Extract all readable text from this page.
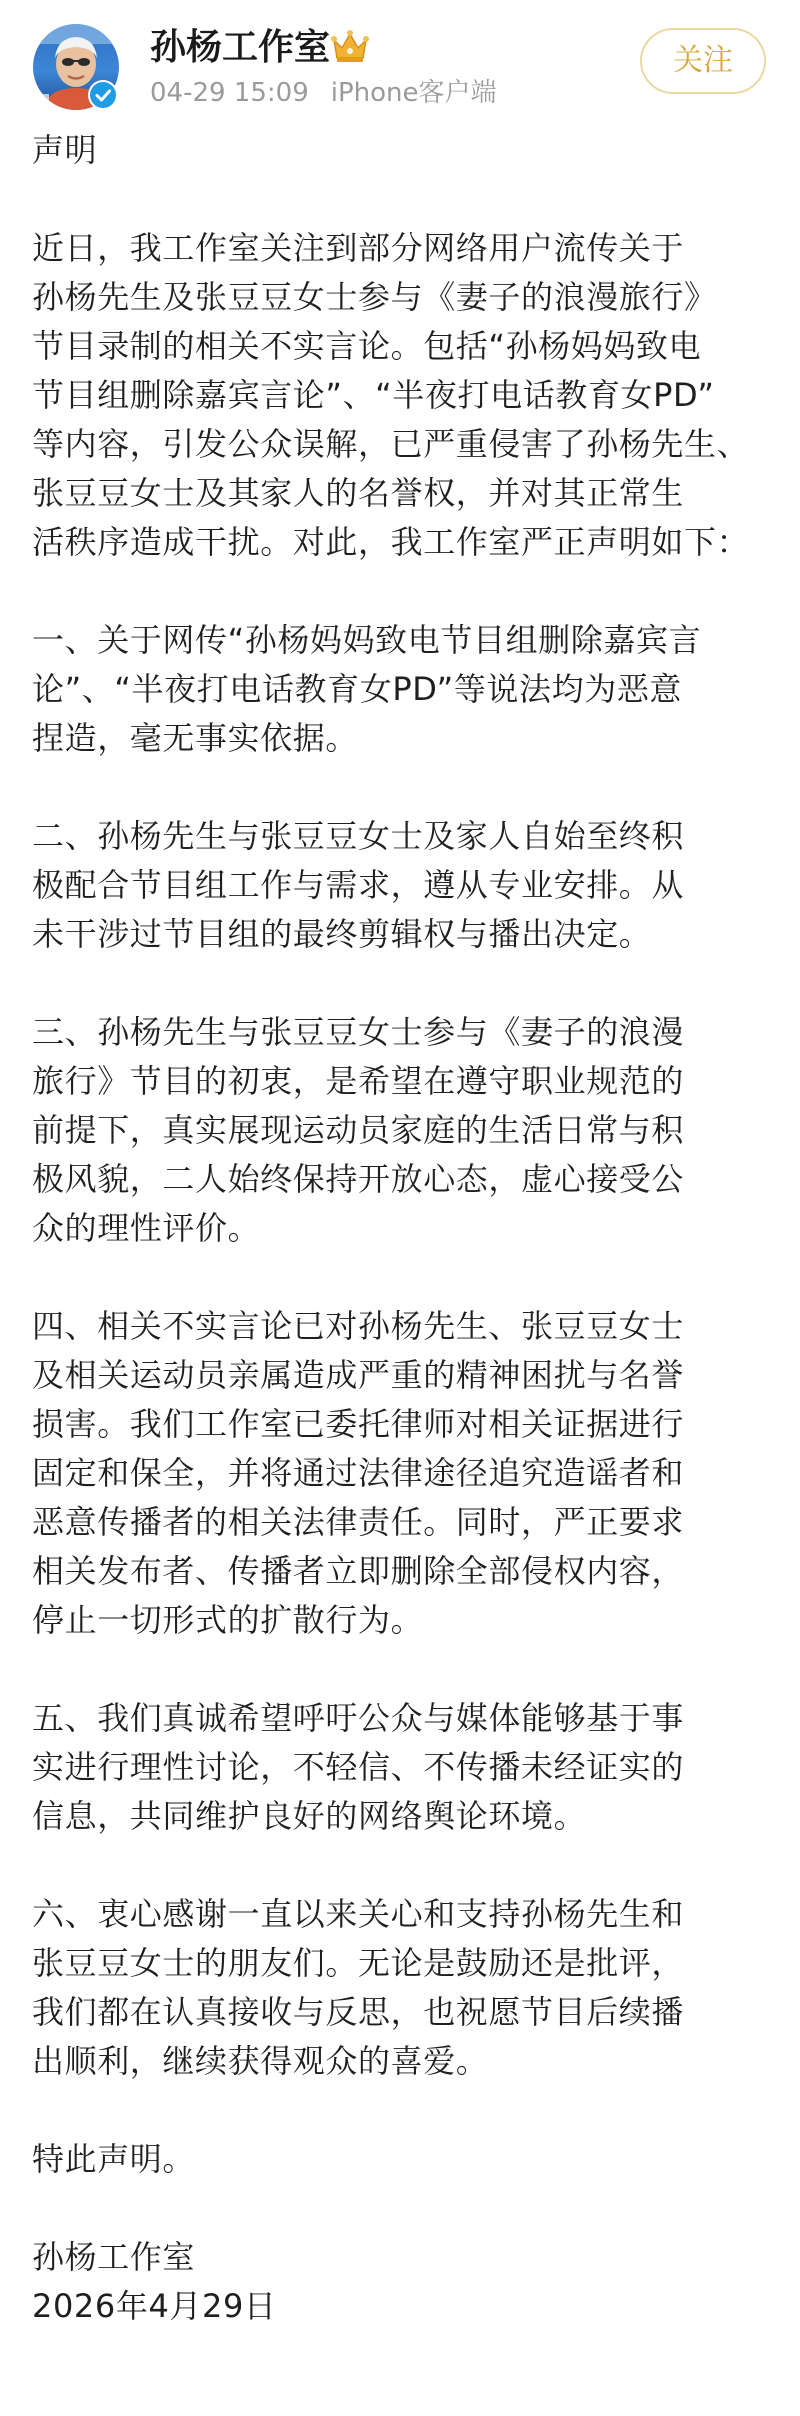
孙杨工作室
04-29 15:09 iPhone客户端
关注

声明

近日，我工作室关注到部分网络用户流传关于
孙杨先生及张豆豆女士参与《妻子的浪漫旅行》
节目录制的相关不实言论。包括“孙杨妈妈致电
节目组删除嘉宾言论”、“半夜打电话教育女PD”
等内容，引发公众误解，已严重侵害了孙杨先生、
张豆豆女士及其家人的名誉权，并对其正常生
活秩序造成干扰。对此，我工作室严正声明如下：

一、关于网传“孙杨妈妈致电节目组删除嘉宾言
论”、“半夜打电话教育女PD”等说法均为恶意
捏造，毫无事实依据。

二、孙杨先生与张豆豆女士及家人自始至终积
极配合节目组工作与需求，遵从专业安排。从
未干涉过节目组的最终剪辑权与播出决定。

三、孙杨先生与张豆豆女士参与《妻子的浪漫
旅行》节目的初衷，是希望在遵守职业规范的
前提下，真实展现运动员家庭的生活日常与积
极风貌，二人始终保持开放心态，虚心接受公
众的理性评价。

四、相关不实言论已对孙杨先生、张豆豆女士
及相关运动员亲属造成严重的精神困扰与名誉
损害。我们工作室已委托律师对相关证据进行
固定和保全，并将通过法律途径追究造谣者和
恶意传播者的相关法律责任。同时，严正要求
相关发布者、传播者立即删除全部侵权内容，
停止一切形式的扩散行为。

五、我们真诚希望呼吁公众与媒体能够基于事
实进行理性讨论，不轻信、不传播未经证实的
信息，共同维护良好的网络舆论环境。

六、衷心感谢一直以来关心和支持孙杨先生和
张豆豆女士的朋友们。无论是鼓励还是批评，
我们都在认真接收与反思，也祝愿节目后续播
出顺利，继续获得观众的喜爱。

特此声明。

孙杨工作室
2026年4月29日
